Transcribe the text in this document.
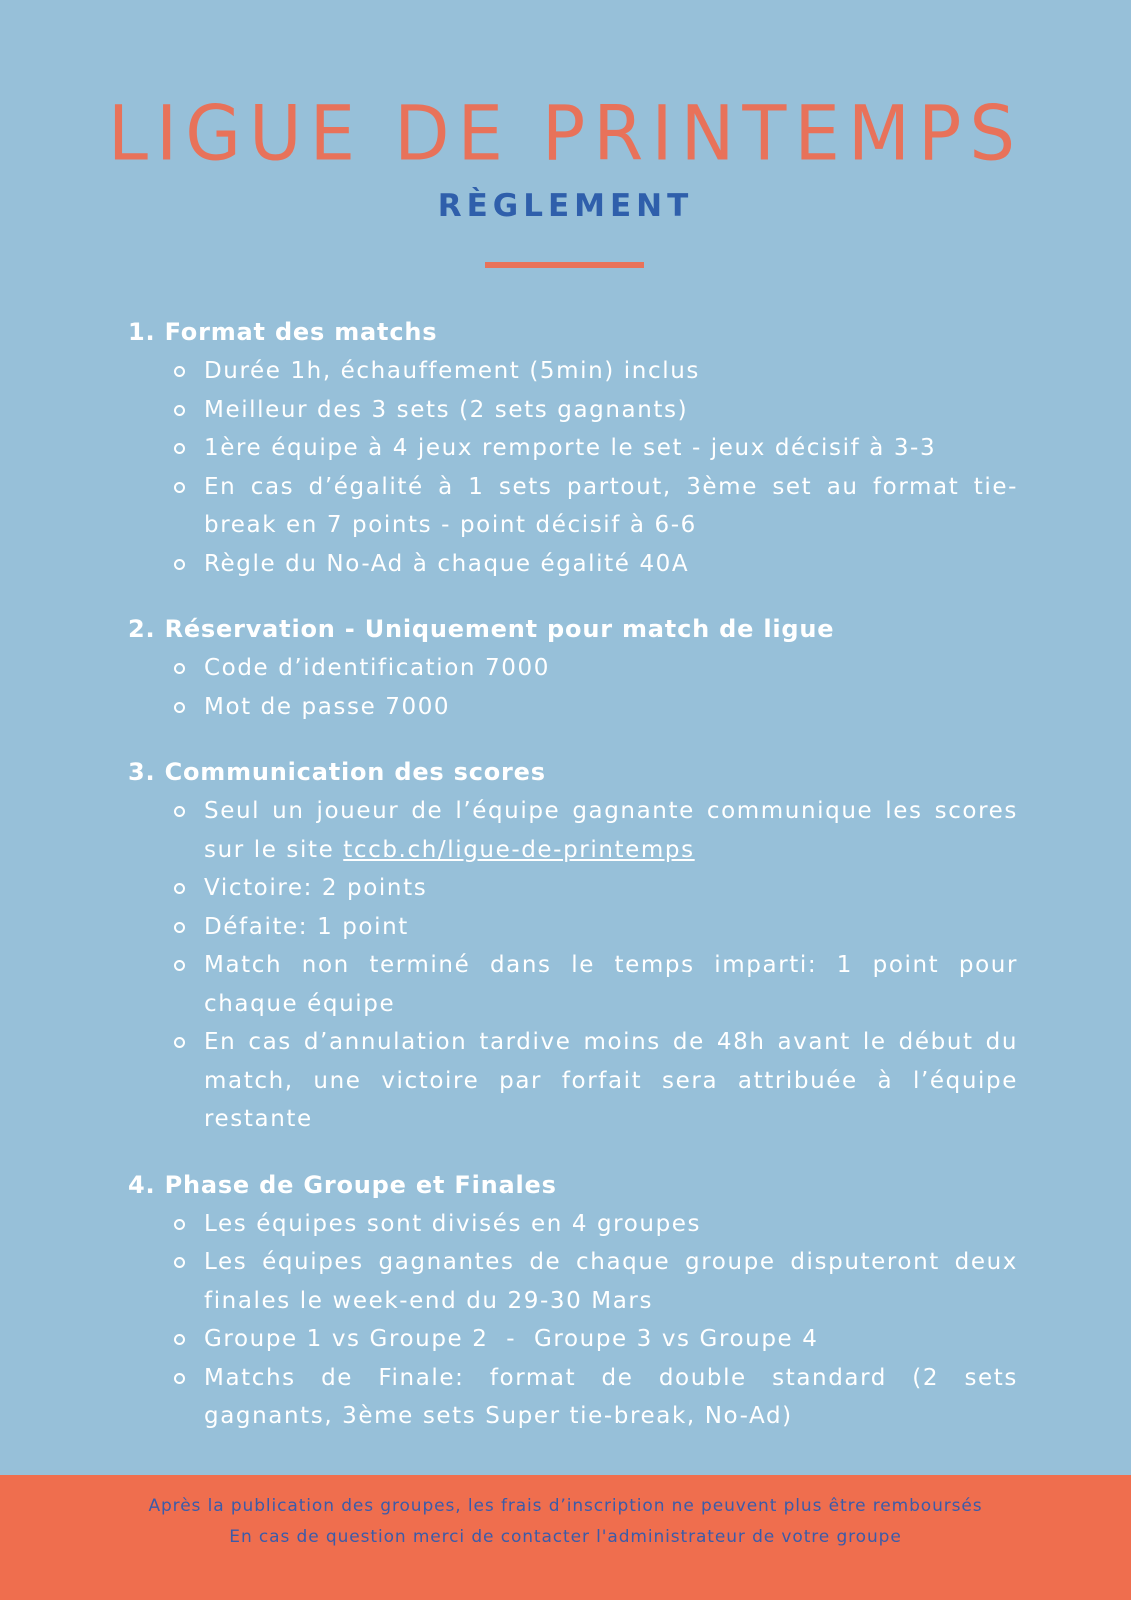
LIGUE DE PRINTEMPS
RÈGLEMENT
1. Format des matchs
Durée 1h, échauffement (5min) inclus
Meilleur des 3 sets (2 sets gagnants)
1ère équipe à 4 jeux remporte le set - jeux décisif à 3-3
En cas d’égalité à 1 sets partout, 3ème set au format tie-break en 7 points - point décisif à 6-6
Règle du No-Ad à chaque égalité 40A
2. Réservation - Uniquement pour match de ligue
Code d’identification 7000
Mot de passe 7000
3. Communication des scores
Seul un joueur de l’équipe gagnante communique les scores sur le site tccb.ch/ligue-de-printemps
Victoire: 2 points
Défaite: 1 point
Match non terminé dans le temps imparti: 1 point pour chaque équipe
En cas d’annulation tardive moins de 48h avant le début du match, une victoire par forfait sera attribuée à l’équipe restante
4. Phase de Groupe et Finales
Les équipes sont divisés en 4 groupes
Les équipes gagnantes de chaque groupe disputeront deux finales le week-end du 29-30 Mars
Groupe 1 vs Groupe 2  -  Groupe 3 vs Groupe 4
Matchs de Finale: format de double standard (2 sets gagnants, 3ème sets Super tie-break, No-Ad)
Après la publication des groupes, les frais d’inscription ne peuvent plus être remboursés
En cas de question merci de contacter l'administrateur de votre groupe
